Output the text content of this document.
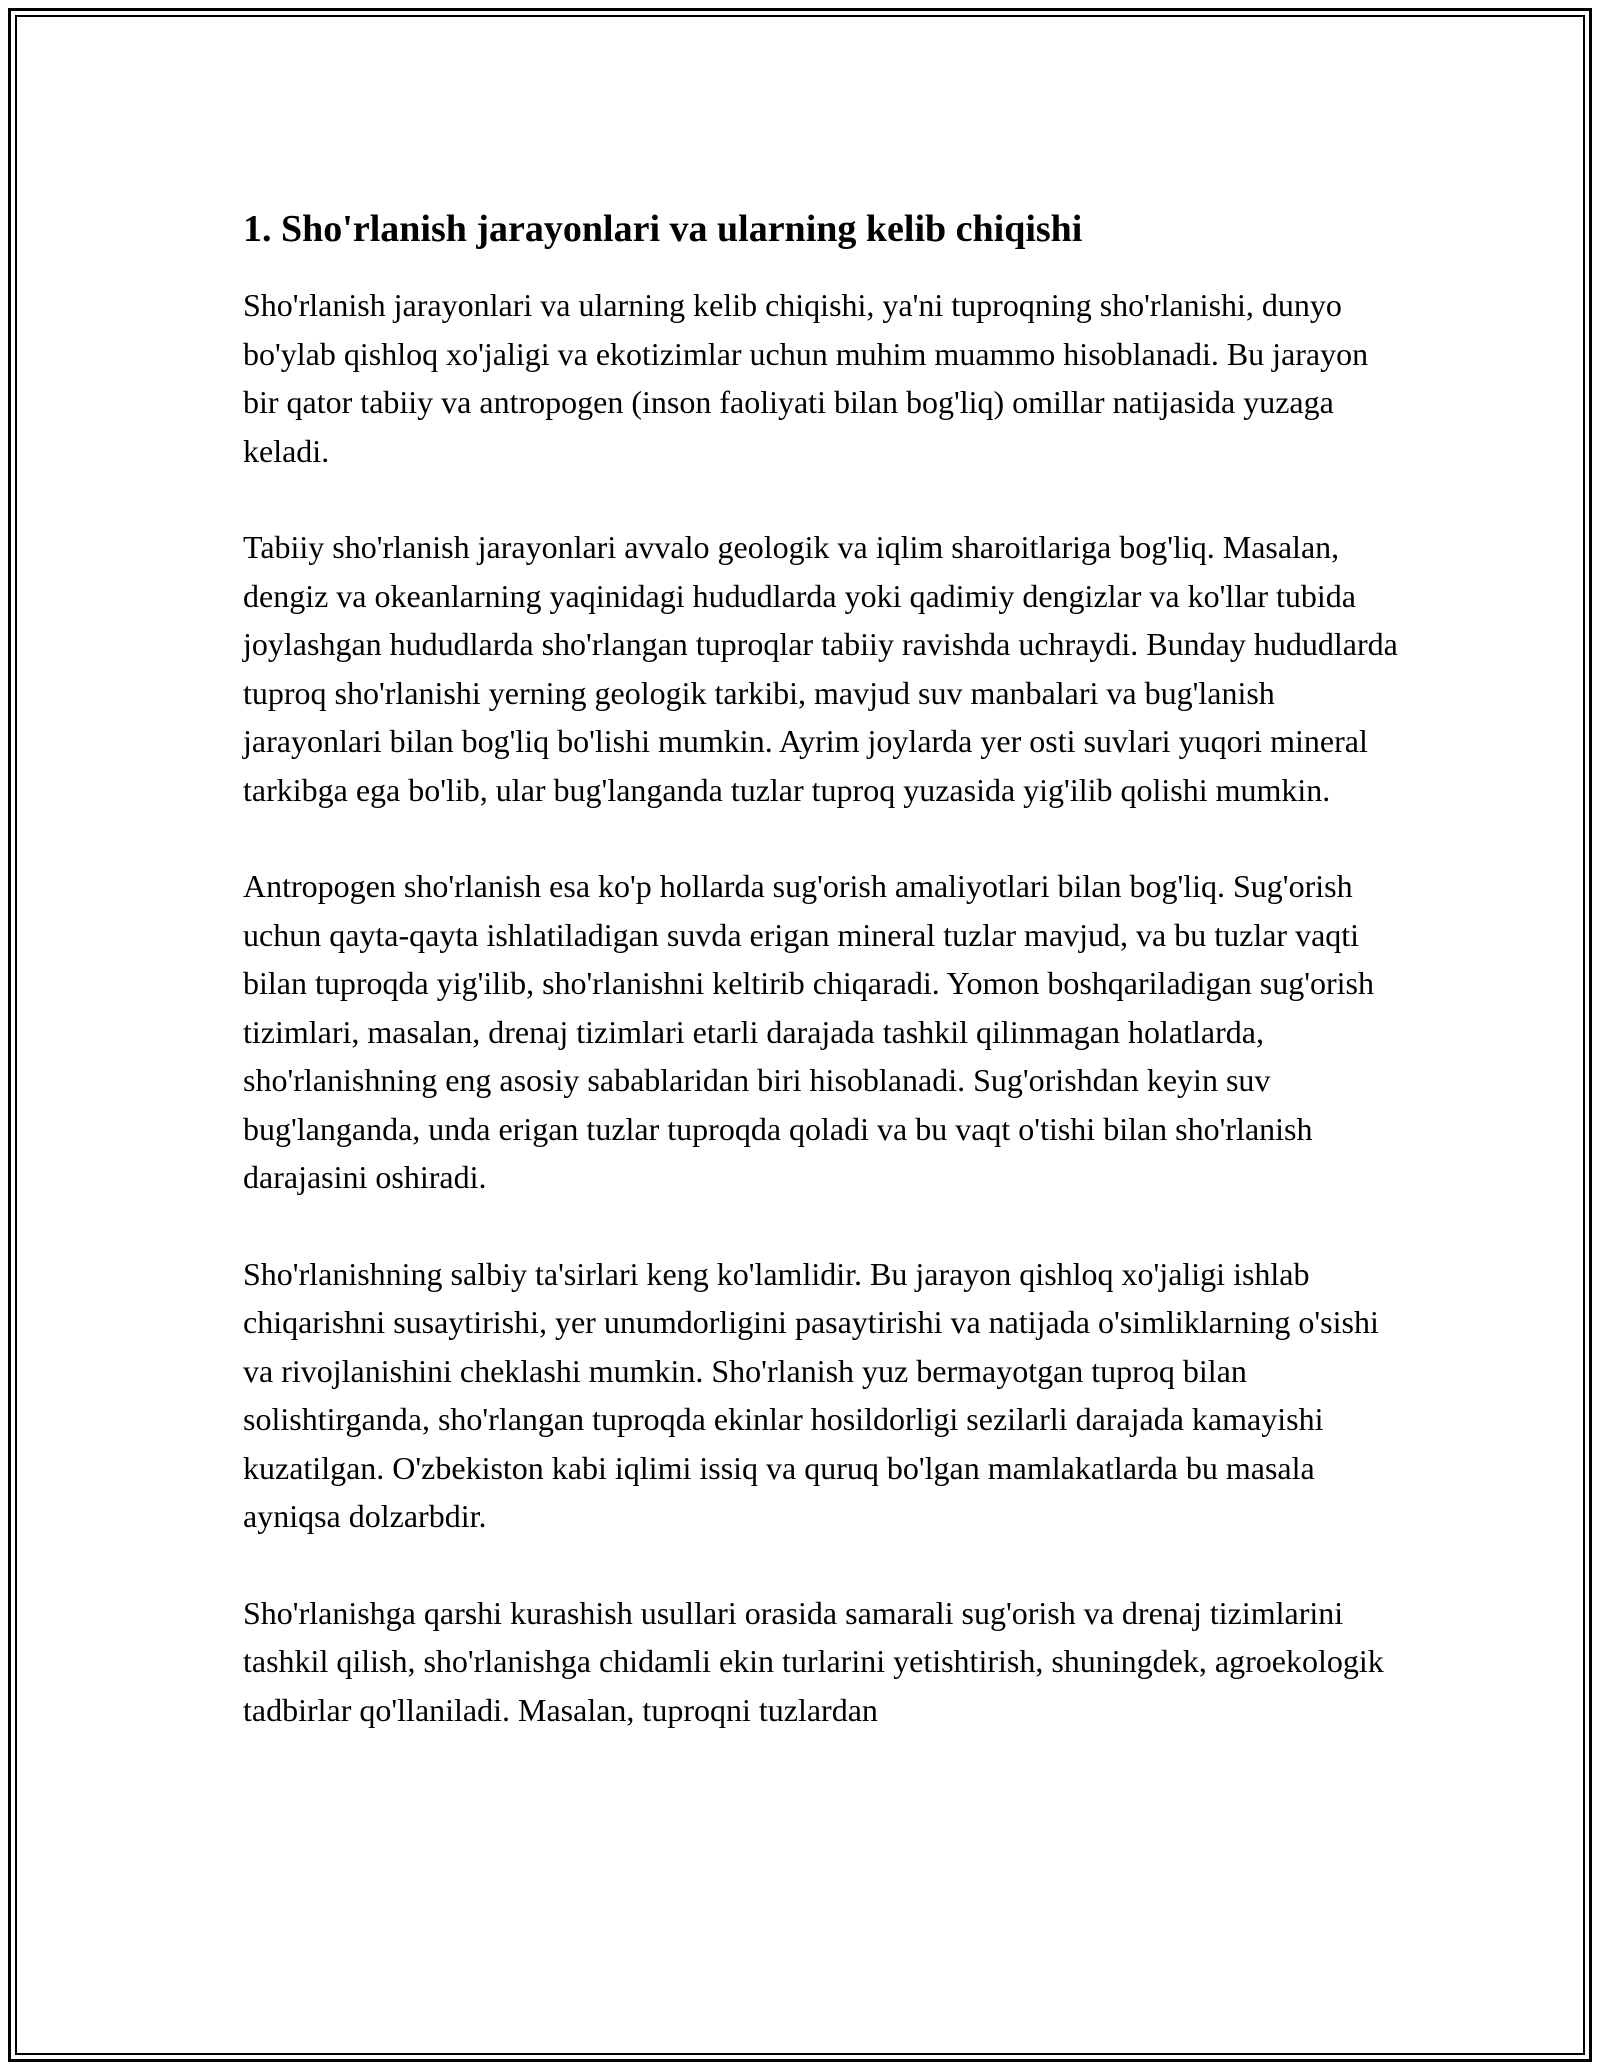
1. Sho'rlanish jarayonlari va ularning kelib chiqishi

Sho'rlanish jarayonlari va ularning kelib chiqishi, ya'ni tuproqning sho'rlanishi, dunyo bo'ylab qishloq xo'jaligi va ekotizimlar uchun muhim muammo hisoblanadi. Bu jarayon bir qator tabiiy va antropogen (inson faoliyati bilan bog'liq) omillar natijasida yuzaga keladi.

Tabiiy sho'rlanish jarayonlari avvalo geologik va iqlim sharoitlariga bog'liq. Masalan, dengiz va okeanlarning yaqinidagi hududlarda yoki qadimiy dengizlar va ko'llar tubida joylashgan hududlarda sho'rlangan tuproqlar tabiiy ravishda uchraydi. Bunday hududlarda tuproq sho'rlanishi yerning geologik tarkibi, mavjud suv manbalari va bug'lanish jarayonlari bilan bog'liq bo'lishi mumkin. Ayrim joylarda yer osti suvlari yuqori mineral tarkibga ega bo'lib, ular bug'langanda tuzlar tuproq yuzasida yig'ilib qolishi mumkin.

Antropogen sho'rlanish esa ko'p hollarda sug'orish amaliyotlari bilan bog'liq. Sug'orish uchun qayta-qayta ishlatiladigan suvda erigan mineral tuzlar mavjud, va bu tuzlar vaqti bilan tuproqda yig'ilib, sho'rlanishni keltirib chiqaradi. Yomon boshqariladigan sug'orish tizimlari, masalan, drenaj tizimlari etarli darajada tashkil qilinmagan holatlarda, sho'rlanishning eng asosiy sabablaridan biri hisoblanadi. Sug'orishdan keyin suv bug'langanda, unda erigan tuzlar tuproqda qoladi va bu vaqt o'tishi bilan sho'rlanish darajasini oshiradi.

Sho'rlanishning salbiy ta'sirlari keng ko'lamlidir. Bu jarayon qishloq xo'jaligi ishlab chiqarishni susaytirishi, yer unumdorligini pasaytirishi va natijada o'simliklarning o'sishi va rivojlanishini cheklashi mumkin. Sho'rlanish yuz bermayotgan tuproq bilan solishtirganda, sho'rlangan tuproqda ekinlar hosildorligi sezilarli darajada kamayishi kuzatilgan. O'zbekiston kabi iqlimi issiq va quruq bo'lgan mamlakatlarda bu masala ayniqsa dolzarbdir.

Sho'rlanishga qarshi kurashish usullari orasida samarali sug'orish va drenaj tizimlarini tashkil qilish, sho'rlanishga chidamli ekin turlarini yetishtirish, shuningdek, agroekologik tadbirlar qo'llaniladi. Masalan, tuproqni tuzlardan
